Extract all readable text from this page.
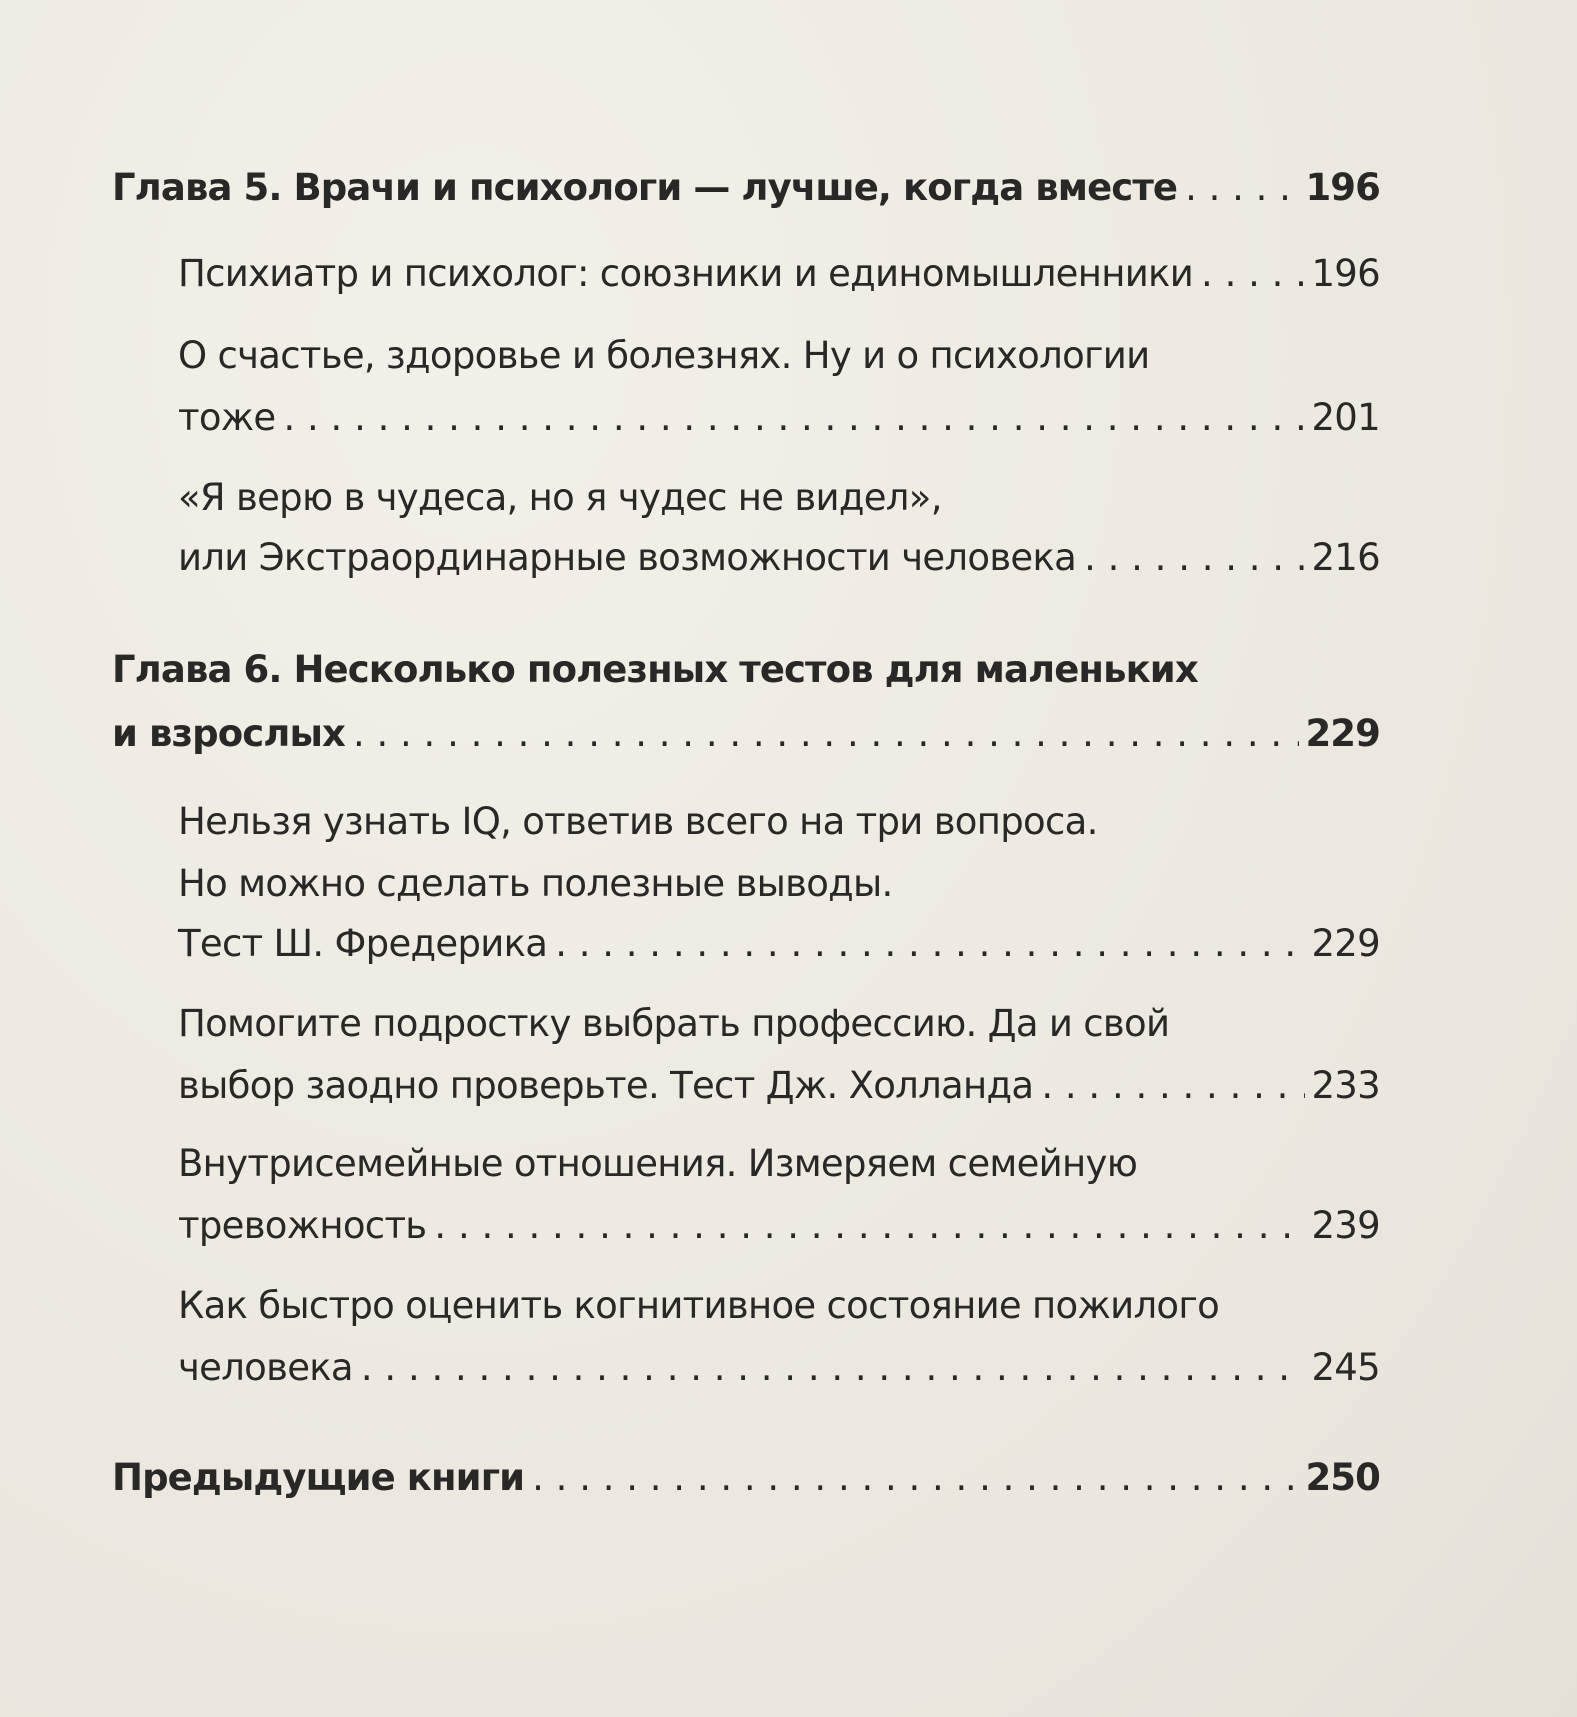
Глава 5. Врачи и психологи — лучше, когда вместе . . .	196
Психиатр и психолог: союзники и единомышленники . . .	196
О счастье, здоровье и болезнях. Ну и о психологии
тоже . . .	201
«Я верю в чудеса, но я чудес не видел»,
или Экстраординарные возможности человека . . .	216
Глава 6. Несколько полезных тестов для маленьких
и взрослых . . .	229
Нельзя узнать IQ, ответив всего на три вопроса.
Но можно сделать полезные выводы.
Тест Ш. Фредерика . . .	229
Помогите подростку выбрать профессию. Да и свой
выбор заодно проверьте. Тест Дж. Холланда . . .	233
Внутрисемейные отношения. Измеряем семейную
тревожность . . .	239
Как быстро оценить когнитивное состояние пожилого
человека . . .	245
Предыдущие книги . . .	250
